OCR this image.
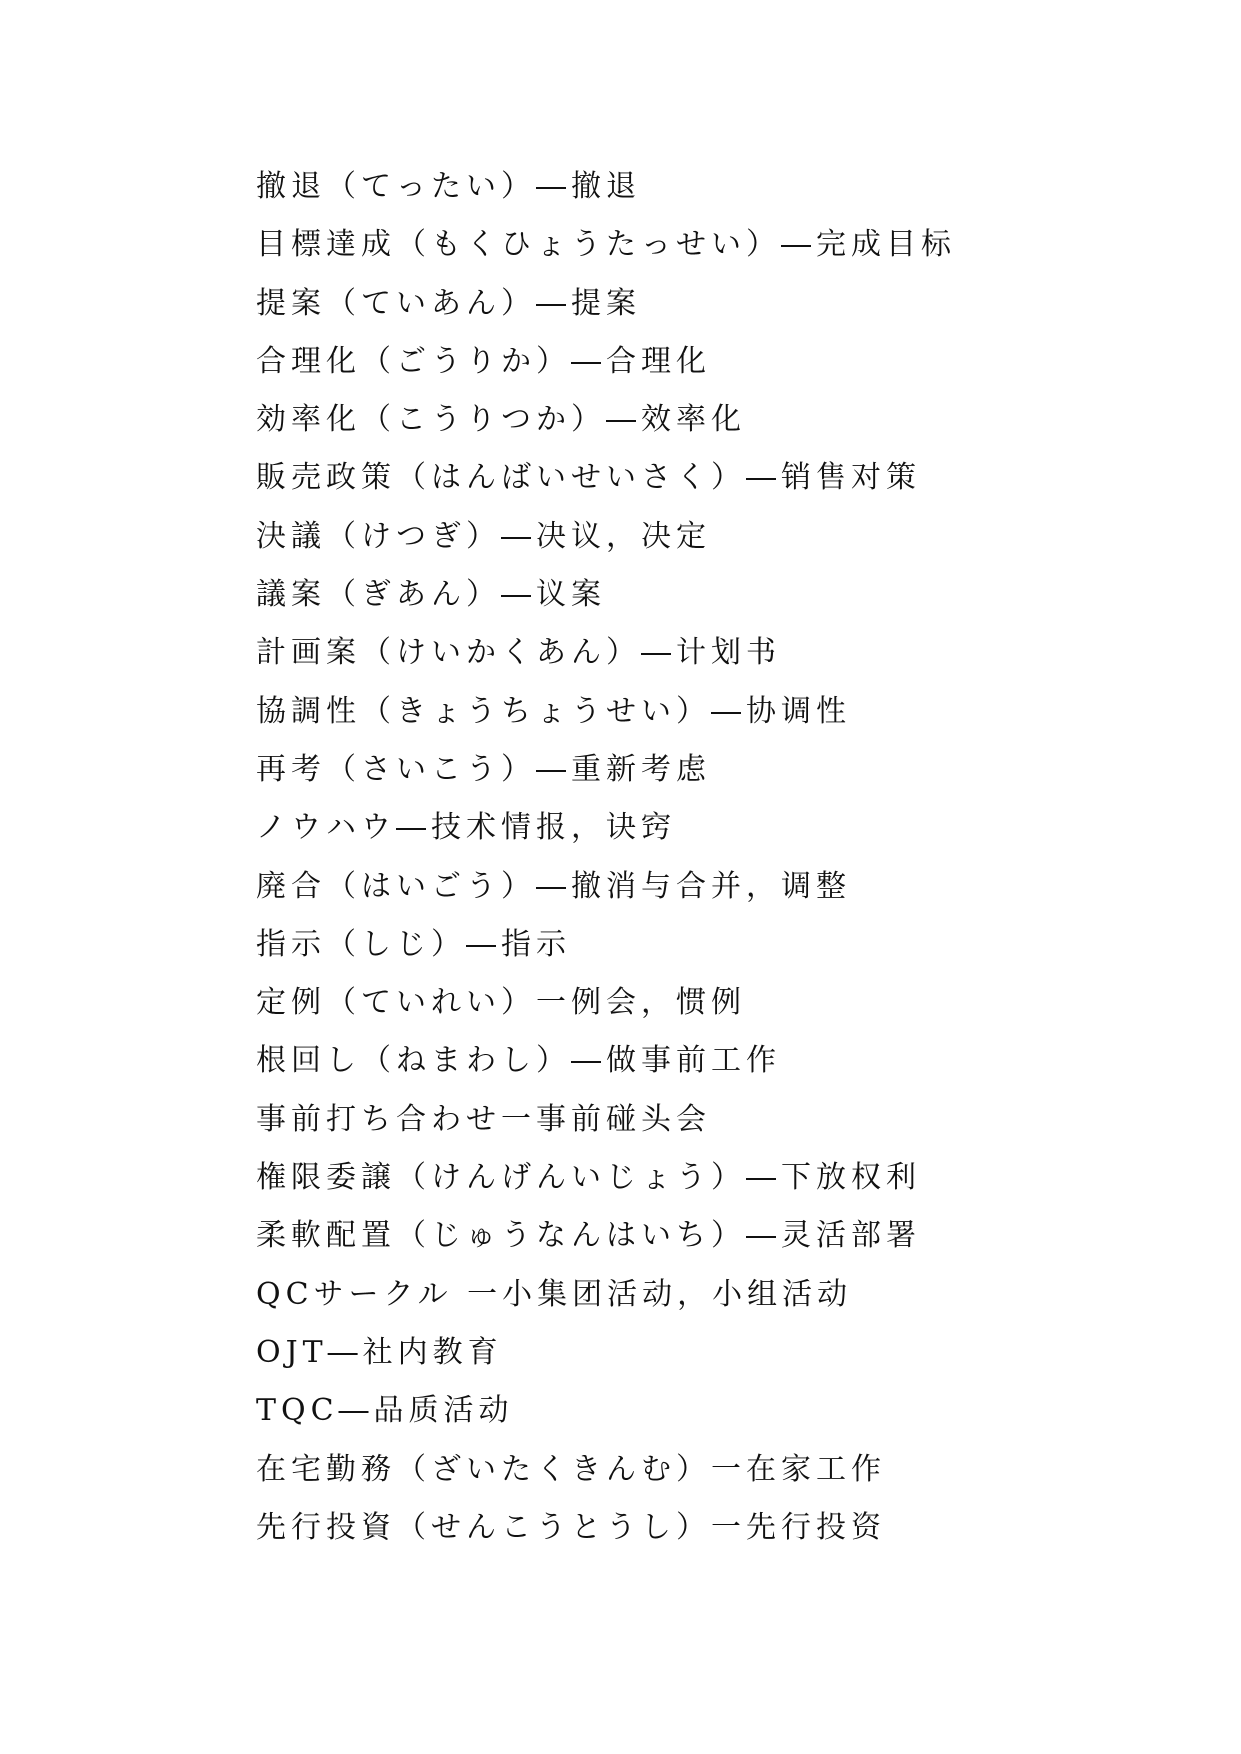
撤退（てったい）―撤退
目標達成（もくひょうたっせい）―完成目标
提案（ていあん）―提案
合理化（ごうりか）―合理化
効率化（こうりつか）―效率化
販売政策（はんばいせいさく）―销售对策
決議（けつぎ）―决议，决定
議案（ぎあん）―议案
計画案（けいかくあん）―计划书
協調性（きょうちょうせい）―协调性
再考（さいこう）―重新考虑
ノウハウ―技术情报，诀窍
廃合（はいごう）―撤消与合并，调整
指示（しじ）―指示
定例（ていれい）一例会，惯例
根回し（ねまわし）―做事前工作
事前打ち合わせ一事前碰头会
権限委譲（けんげんいじょう）―下放权利
柔軟配置（じゅうなんはいち）―灵活部署
QCサークル 一小集团活动，小组活动
OJT―社内教育
TQC―品质活动
在宅勤務（ざいたくきんむ）一在家工作
先行投資（せんこうとうし）一先行投资
